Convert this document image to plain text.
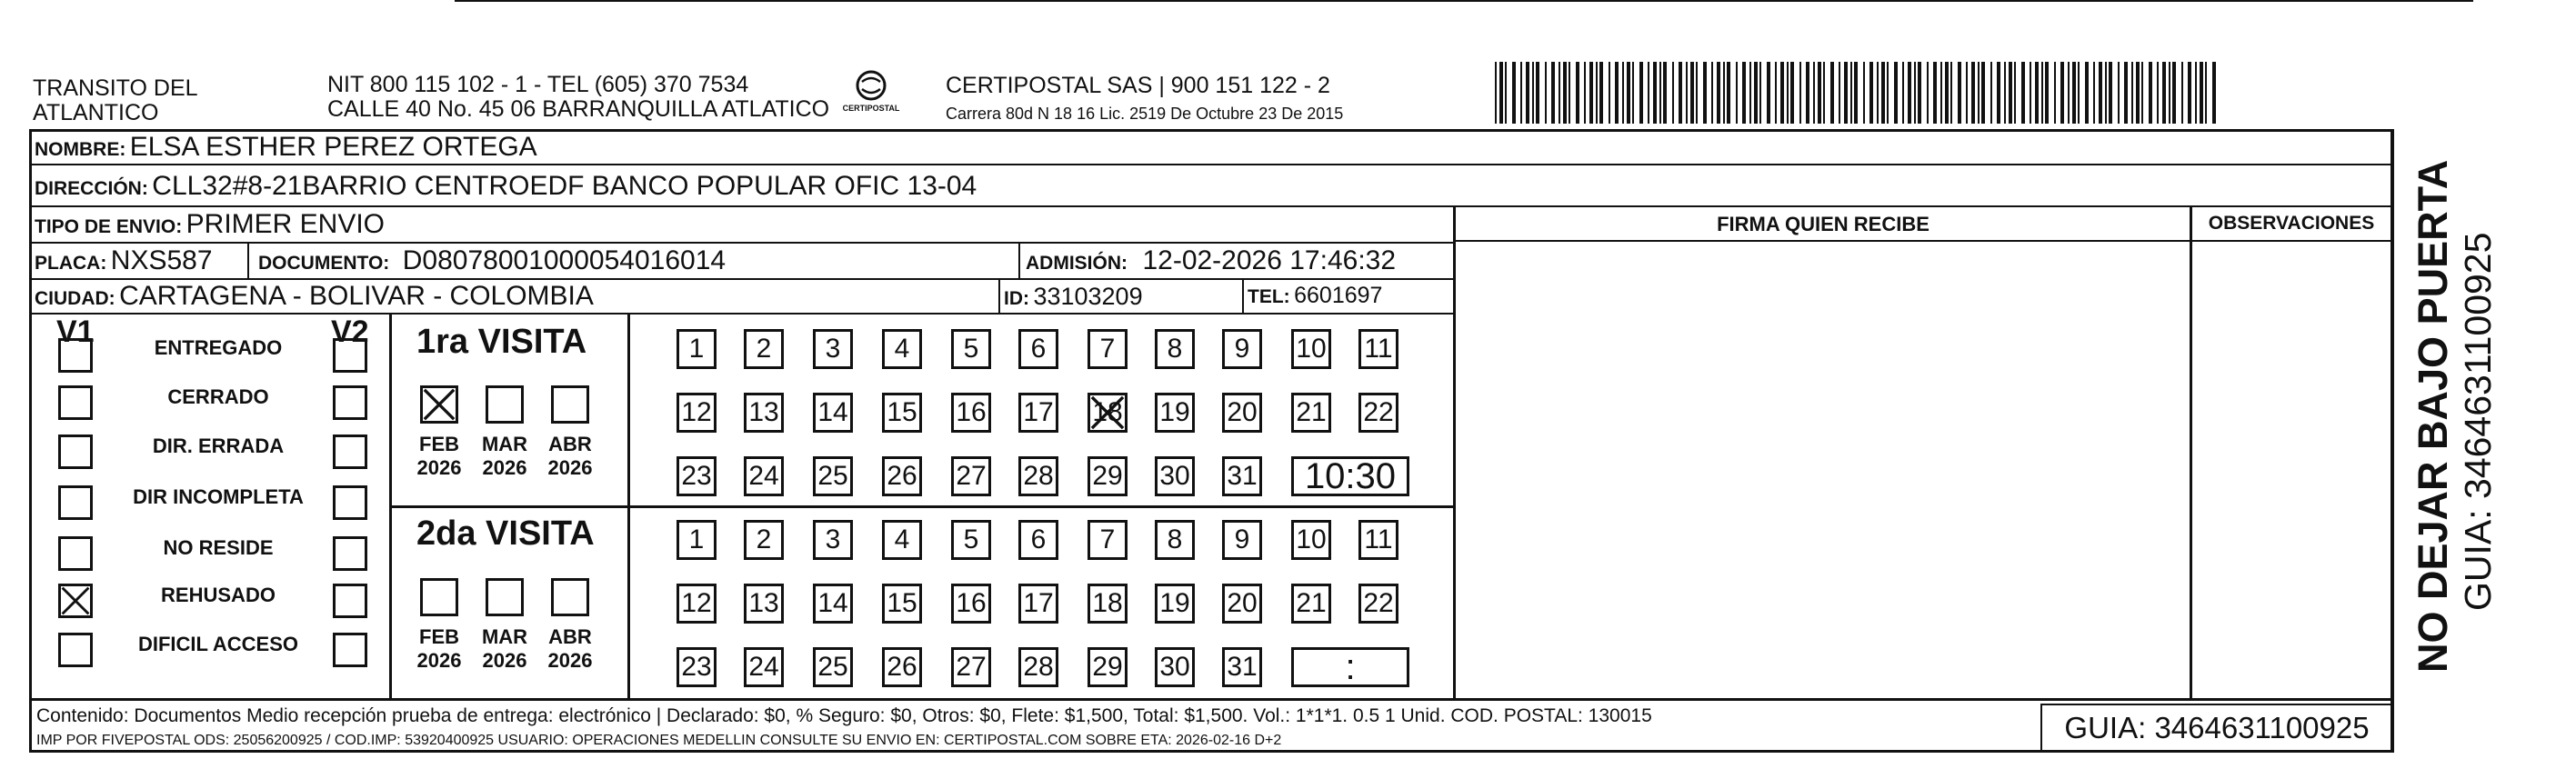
TRANSITO DEL
ATLANTICO
NIT 800 115 102 - 1 - TEL (605) 370 7534
CALLE 40 No. 45 06 BARRANQUILLA ATLATICO	CERTIPOSTAL
CERTIPOSTAL SAS | 900 151 122 - 2
Carrera 80d N 18 16 Lic. 2519 De Octubre 23 De 2015
NOMBRE: ELSA ESTHER PEREZ ORTEGA
DIRECCIÓN: CLL32#8-21BARRIO CENTROEDF BANCO POPULAR OFIC 13-04
TIPO DE ENVIO: PRIMER ENVIO
PLACA: NXS587 DOCUMENTO: D08078001000054016014	ADMISIÓN: 12-02-2026 17:46:32
CIUDAD: CARTAGENA - BOLIVAR - COLOMBIA	ID: 33103209	TEL: 6601697
FIRMA QUIEN RECIBE	OBSERVACIONES
V1	V2
ENTREGADO
CERRADO
DIR. ERRADA
DIR INCOMPLETA
NO RESIDE
REHUSADO
DIFICIL ACCESO
1ra VISITA
2da VISITA
FEB
2026
MAR
2026
ABR
2026
FEB
2026
MAR
2026
ABR
2026
1 2 3 4 5 6 7 8 9 10 11
12 13 14 15 16 17 18 19 20 21 22
23 24 25 26 27 28 29 30 31	10:30
1 2 3 4 5 6 7 8 9 10 11
12 13 14 15 16 17 18 19 20 21 22
23 24 25 26 27 28 29 30 31	:
Contenido: Documentos Medio recepción prueba de entrega: electrónico | Declarado: $0, % Seguro: $0, Otros: $0, Flete: $1,500, Total: $1,500. Vol.: 1*1*1. 0.5 1 Unid. COD. POSTAL: 130015
IMP POR FIVEPOSTAL ODS: 25056200925 / COD.IMP: 53920400925 USUARIO: OPERACIONES MEDELLIN CONSULTE SU ENVIO EN: CERTIPOSTAL.COM SOBRE ETA: 2026-02-16 D+2	GUIA: 3464631100925
NO DEJAR BAJO PUERTA GUIA: 3464631100925
